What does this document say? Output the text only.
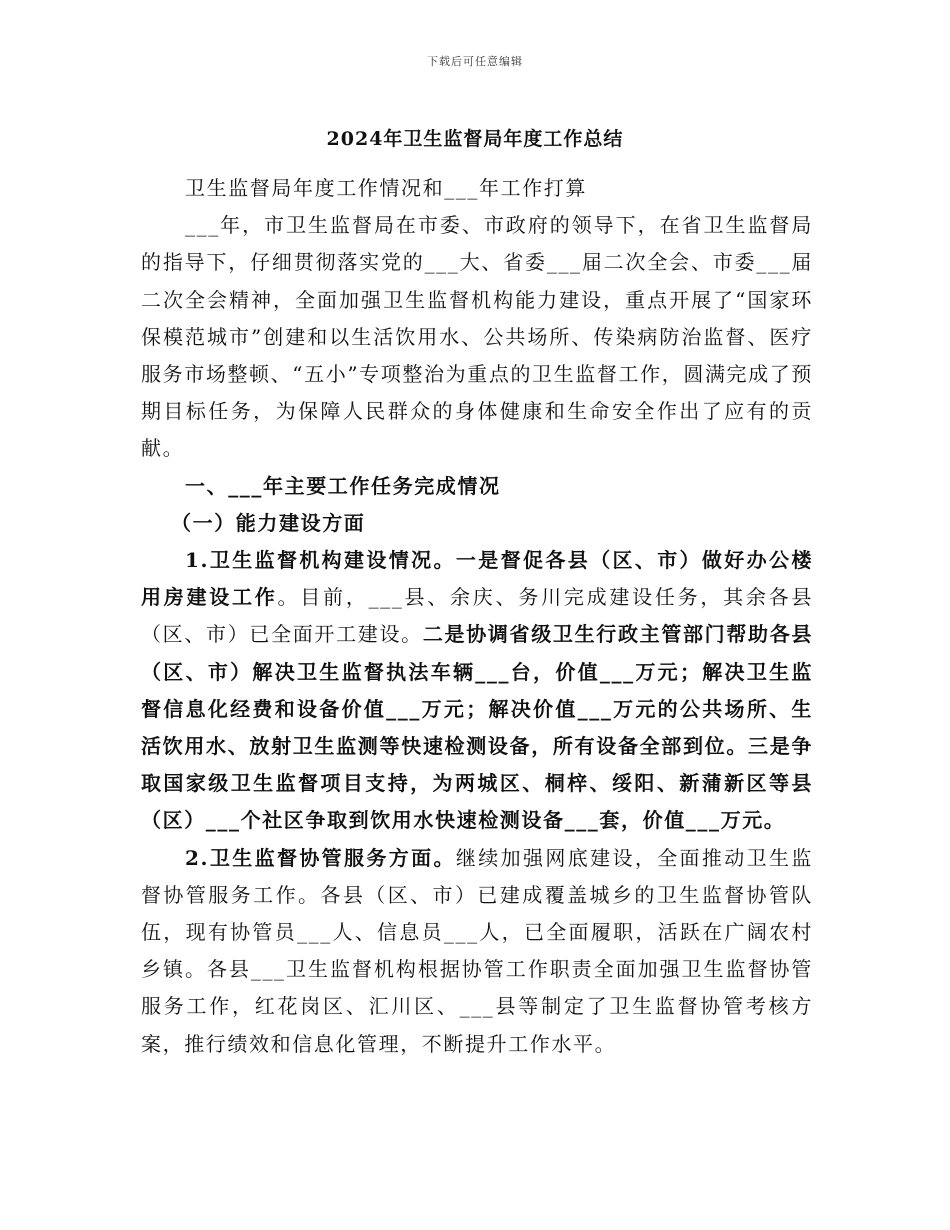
下载后可任意编辑
2024年卫生监督局年度工作总结

卫生监督局年度工作情况和___年工作打算

___年，市卫生监督局在市委、市政府的领导下，在省卫生监督局的指导下，仔细贯彻落实党的___大、省委___届二次全会、市委___届二次全会精神，全面加强卫生监督机构能力建设，重点开展了“国家环保模范城市”创建和以生活饮用水、公共场所、传染病防治监督、医疗服务市场整顿、“五小”专项整治为重点的卫生监督工作，圆满完成了预期目标任务，为保障人民群众的身体健康和生命安全作出了应有的贡献。

一、___年主要工作任务完成情况

（一）能力建设方面

1.卫生监督机构建设情况。一是督促各县（区、市）做好办公楼用房建设工作。目前，___县、余庆、务川完成建设任务，其余各县（区、市）已全面开工建设。二是协调省级卫生行政主管部门帮助各县（区、市）解决卫生监督执法车辆___台，价值___万元；解决卫生监督信息化经费和设备价值___万元；解决价值___万元的公共场所、生活饮用水、放射卫生监测等快速检测设备，所有设备全部到位。三是争取国家级卫生监督项目支持，为两城区、桐梓、绥阳、新蒲新区等县（区）___个社区争取到饮用水快速检测设备___套，价值___万元。

2.卫生监督协管服务方面。继续加强网底建设，全面推动卫生监督协管服务工作。各县（区、市）已建成覆盖城乡的卫生监督协管队伍，现有协管员___人、信息员___人，已全面履职，活跃在广阔农村乡镇。各县___卫生监督机构根据协管工作职责全面加强卫生监督协管服务工作，红花岗区、汇川区、___县等制定了卫生监督协管考核方案，推行绩效和信息化管理，不断提升工作水平。
